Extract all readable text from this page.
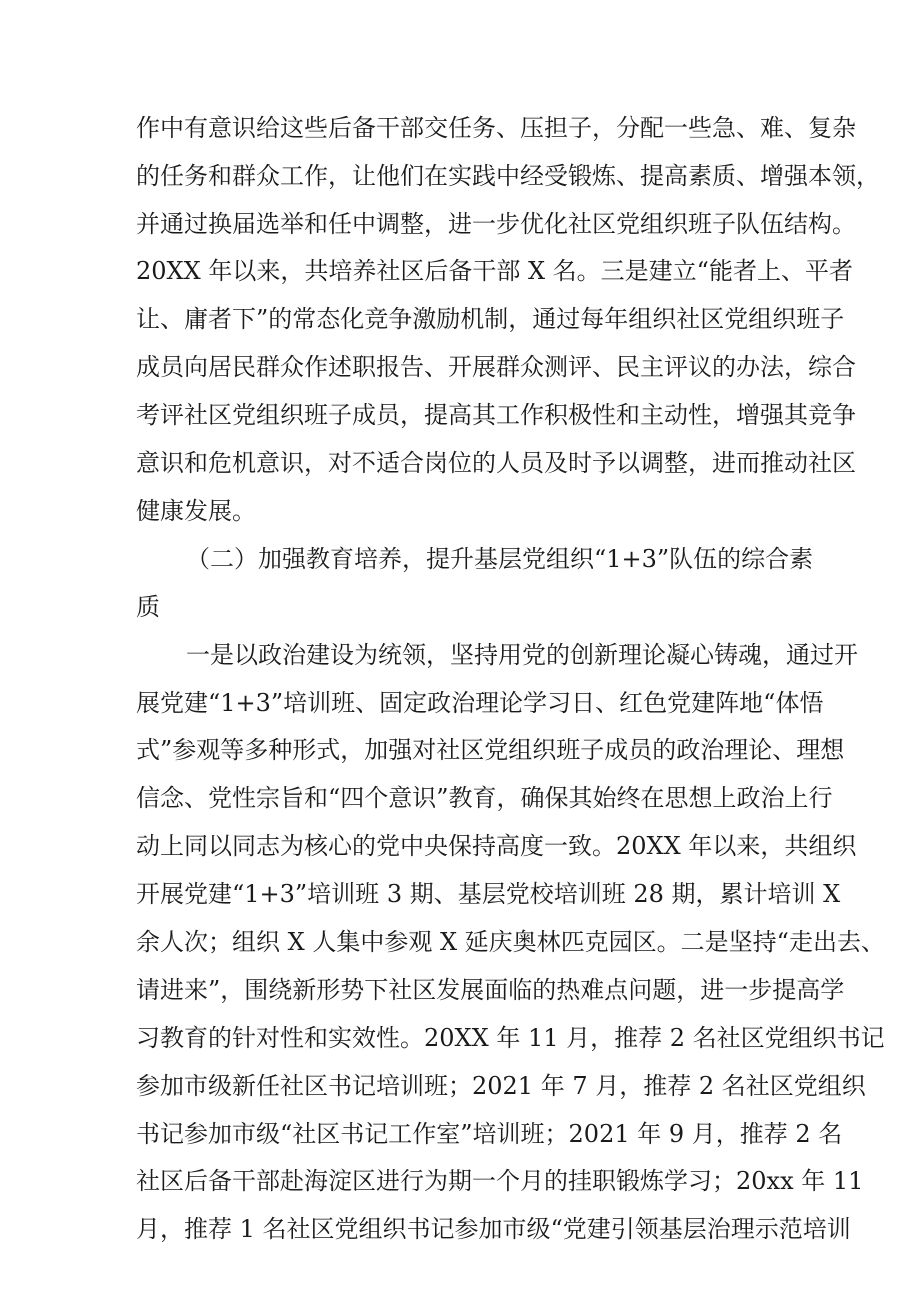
作中有意识给这些后备干部交任务、压担子，分配一些急、难、复杂
的任务和群众工作，让他们在实践中经受锻炼、提高素质、增强本领，
并通过换届选举和任中调整，进一步优化社区党组织班子队伍结构。
20XX 年以来，共培养社区后备干部 X 名。三是建立“能者上、平者
让、庸者下”的常态化竞争激励机制，通过每年组织社区党组织班子
成员向居民群众作述职报告、开展群众测评、民主评议的办法，综合
考评社区党组织班子成员，提高其工作积极性和主动性，增强其竞争
意识和危机意识，对不适合岗位的人员及时予以调整，进而推动社区
健康发展。
（二）加强教育培养，提升基层党组织“1+3”队伍的综合素
质
一是以政治建设为统领，坚持用党的创新理论凝心铸魂，通过开
展党建“1+3”培训班、固定政治理论学习日、红色党建阵地“体悟
式”参观等多种形式，加强对社区党组织班子成员的政治理论、理想
信念、党性宗旨和“四个意识”教育，确保其始终在思想上政治上行
动上同以同志为核心的党中央保持高度一致。20XX 年以来，共组织
开展党建“1+3”培训班 3 期、基层党校培训班 28 期，累计培训 X
余人次；组织 X 人集中参观 X 延庆奥林匹克园区。二是坚持“走出去、
请进来”，围绕新形势下社区发展面临的热难点问题，进一步提高学
习教育的针对性和实效性。20XX 年 11 月，推荐 2 名社区党组织书记
参加市级新任社区书记培训班；2021 年 7 月，推荐 2 名社区党组织
书记参加市级“社区书记工作室”培训班；2021 年 9 月，推荐 2 名
社区后备干部赴海淀区进行为期一个月的挂职锻炼学习；20xx 年 11
月，推荐 1 名社区党组织书记参加市级“党建引领基层治理示范培训
